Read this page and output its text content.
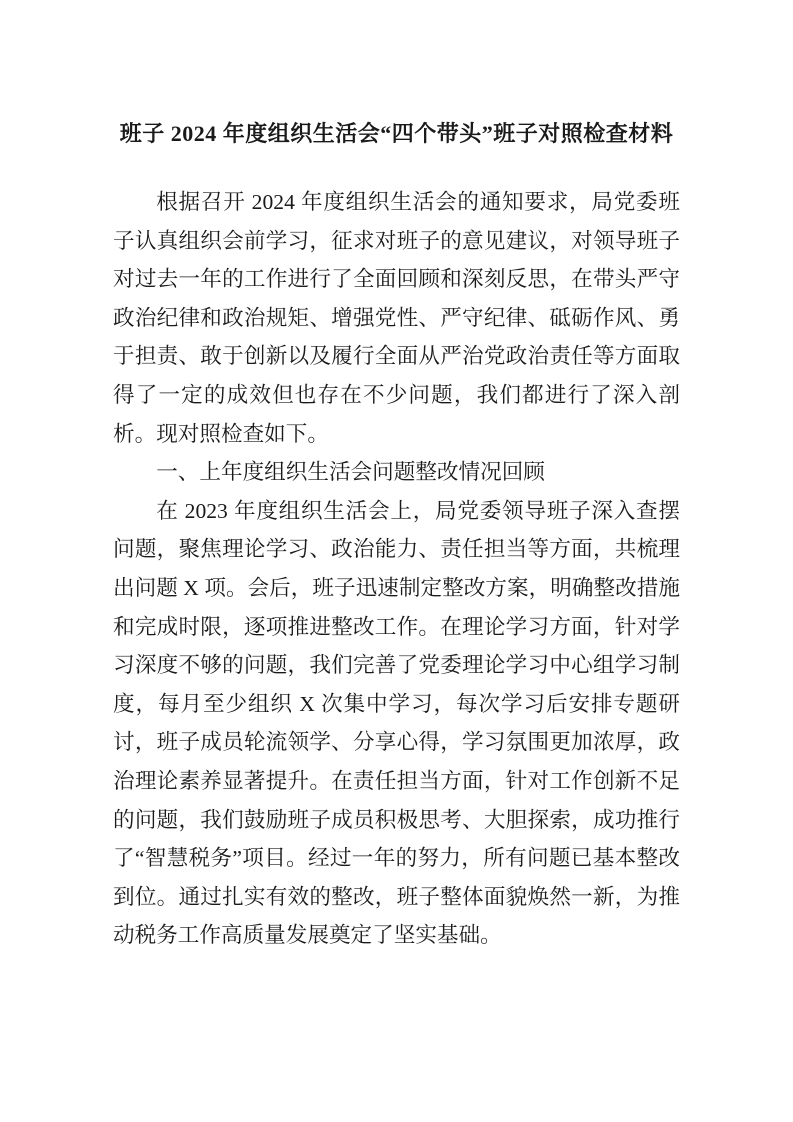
班子 2024 年度组织生活会“四个带头”班子对照检查材料

根据召开 2024 年度组织生活会的通知要求，局党委班子认真组织会前学习，征求对班子的意见建议，对领导班子对过去一年的工作进行了全面回顾和深刻反思，在带头严守政治纪律和政治规矩、增强党性、严守纪律、砥砺作风、勇于担责、敢于创新以及履行全面从严治党政治责任等方面取得了一定的成效但也存在不少问题，我们都进行了深入剖析。现对照检查如下。

一、上年度组织生活会问题整改情况回顾

在 2023 年度组织生活会上，局党委领导班子深入查摆问题，聚焦理论学习、政治能力、责任担当等方面，共梳理出问题 X 项。会后，班子迅速制定整改方案，明确整改措施和完成时限，逐项推进整改工作。在理论学习方面，针对学习深度不够的问题，我们完善了党委理论学习中心组学习制度，每月至少组织 X 次集中学习，每次学习后安排专题研讨，班子成员轮流领学、分享心得，学习氛围更加浓厚，政治理论素养显著提升。在责任担当方面，针对工作创新不足的问题，我们鼓励班子成员积极思考、大胆探索，成功推行了“智慧税务”项目。经过一年的努力，所有问题已基本整改到位。通过扎实有效的整改，班子整体面貌焕然一新，为推动税务工作高质量发展奠定了坚实基础。
